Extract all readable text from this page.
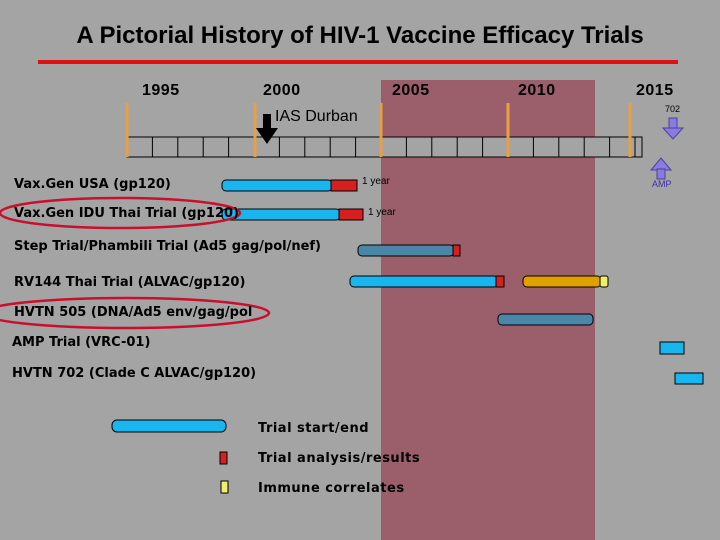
A Pictorial History of HIV-1 Vaccine Efficacy Trials
1995	2000	2005	2010	2015
IAS Durban	702
AMP
Vax.Gen USA (gp120)	1 year
Vax.Gen IDU Thai Trial (gp120)	1 year
Step Trial/Phambili Trial (Ad5 gag/pol/nef)
RV144 Thai Trial (ALVAC/gp120)
HVTN 505 (DNA/Ad5 env/gag/pol
AMP Trial (VRC-01)
HVTN 702 (Clade C ALVAC/gp120)
Trial start/end
Trial analysis/results
Immune correlates
